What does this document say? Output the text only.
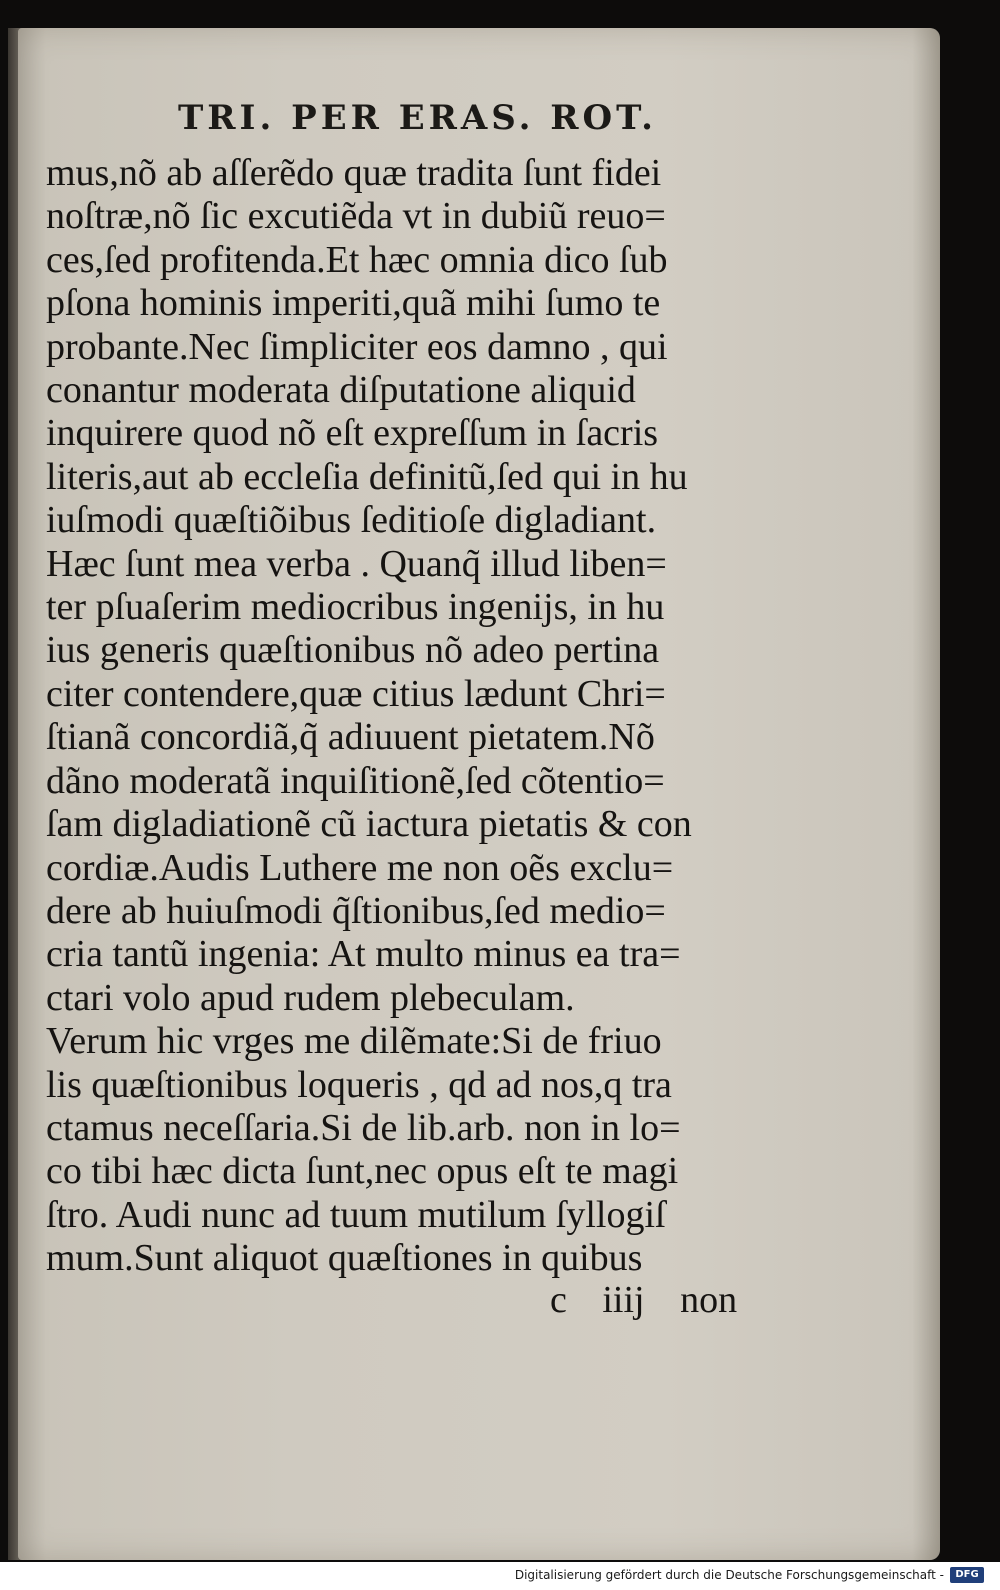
TRI. PER ERAS. ROT.
mus,nõ ab aſſerẽdo quæ tradita ſunt fidei
noſtræ,nõ ſic excutiẽda vt in dubiũ reuo=
ces,ſed profitenda.Et hæc omnia dico ſub
pſona hominis imperiti,quã mihi ſumo te
probante.Nec ſimpliciter eos damno , qui
conantur moderata diſputatione aliquid
inquirere quod nõ eſt expreſſum in ſacris
literis,aut ab eccleſia definitũ,ſed qui in hu
iuſmodi quæſtiõibus ſeditioſe digladiant.
Hæc ſunt mea verba . Quanq̃ illud liben=
ter pſuaſerim mediocribus ingenijs, in hu
ius generis quæſtionibus nõ adeo pertina
citer contendere,quæ citius lædunt Chri=
ſtianã concordiã,q̃ adiuuent pietatem.Nõ
dãno moderatã inquiſitionẽ,ſed cõtentio=
ſam digladiationẽ cũ iactura pietatis & con
cordiæ.Audis Luthere me non oẽs exclu=
dere ab huiuſmodi q̃ſtionibus,ſed medio=
cria tantũ ingenia: At multo minus ea tra=
ctari volo apud rudem plebeculam.
Verum hic vrges me dilẽmate:Si de friuo
lis quæſtionibus loqueris , qd ad nos,q tra
ctamus neceſſaria.Si de lib.arb. non in lo=
co tibi hæc dicta ſunt,nec opus eſt te magi
ſtro. Audi nunc ad tuum mutilum ſyllogiſ
mum.Sunt aliquot quæſtiones in quibus
c iiij non
Digitalisierung gefördert durch die Deutsche Forschungsgemeinschaft -	DFG
